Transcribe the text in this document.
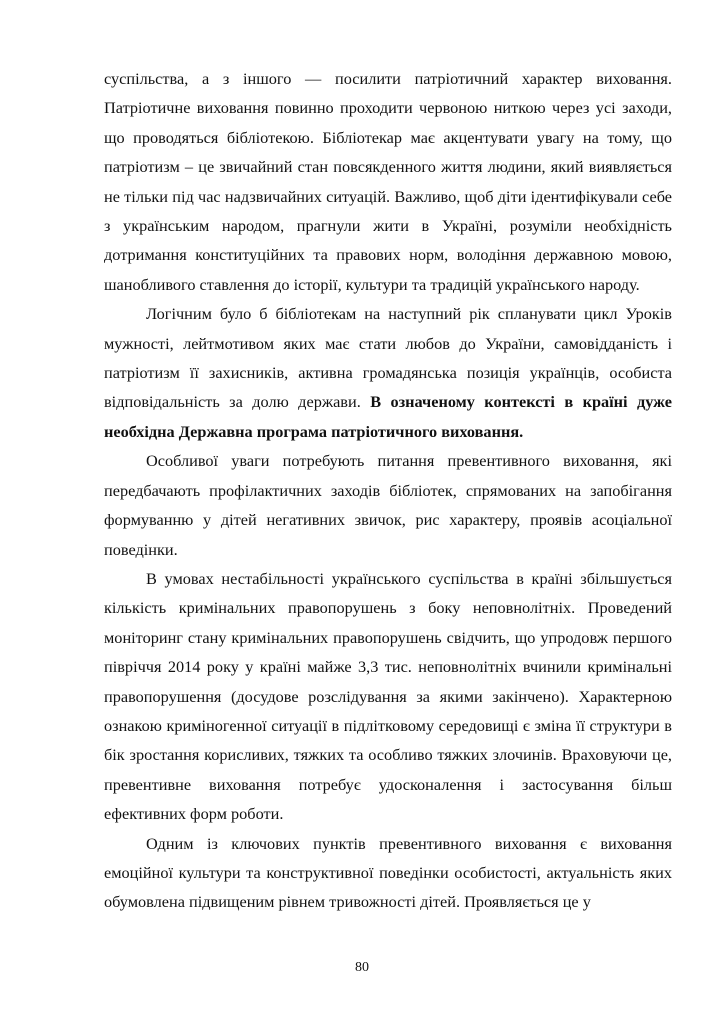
суспільства, а з іншого — посилити патріотичний характер виховання. Патріотичне виховання повинно проходити червоною ниткою через усі заходи, що проводяться бібліотекою. Бібліотекар має акцентувати увагу на тому, що патріотизм – це звичайний стан повсякденного життя людини, який виявляється не тільки під час надзвичайних ситуацій. Важливо, щоб діти ідентифікували себе з українським народом, прагнули жити в Україні, розуміли необхідність дотримання конституційних та правових норм, володіння державною мовою, шанобливого ставлення до історії, культури та традицій українського народу.

Логічним було б бібліотекам на наступний рік спланувати цикл Уроків мужності, лейтмотивом яких має стати любов до України, самовідданість і патріотизм її захисників, активна громадянська позиція українців, особиста відповідальність за долю держави. В означеному контексті в країні дуже необхідна Державна програма патріотичного виховання.

Особливої уваги потребують питання превентивного виховання, які передбачають профілактичних заходів бібліотек, спрямованих на запобігання формуванню у дітей негативних звичок, рис характеру, проявів асоціальної поведінки.

В умовах нестабільності українського суспільства в країні збільшується кількість кримінальних правопорушень з боку неповнолітніх. Проведений моніторинг стану кримінальних правопорушень свідчить, що упродовж першого півріччя 2014 року у країні майже 3,3 тис. неповнолітніх вчинили кримінальні правопорушення (досудове розслідування за якими закінчено). Характерною ознакою криміногенної ситуації в підлітковому середовищі є зміна її структури в бік зростання корисливих, тяжких та особливо тяжких злочинів. Враховуючи це, превентивне виховання потребує удосконалення і застосування більш ефективних форм роботи.

Одним із ключових пунктів превентивного виховання є виховання емоційної культури та конструктивної поведінки особистості, актуальність яких обумовлена підвищеним рівнем тривожності дітей. Проявляється це у

80
